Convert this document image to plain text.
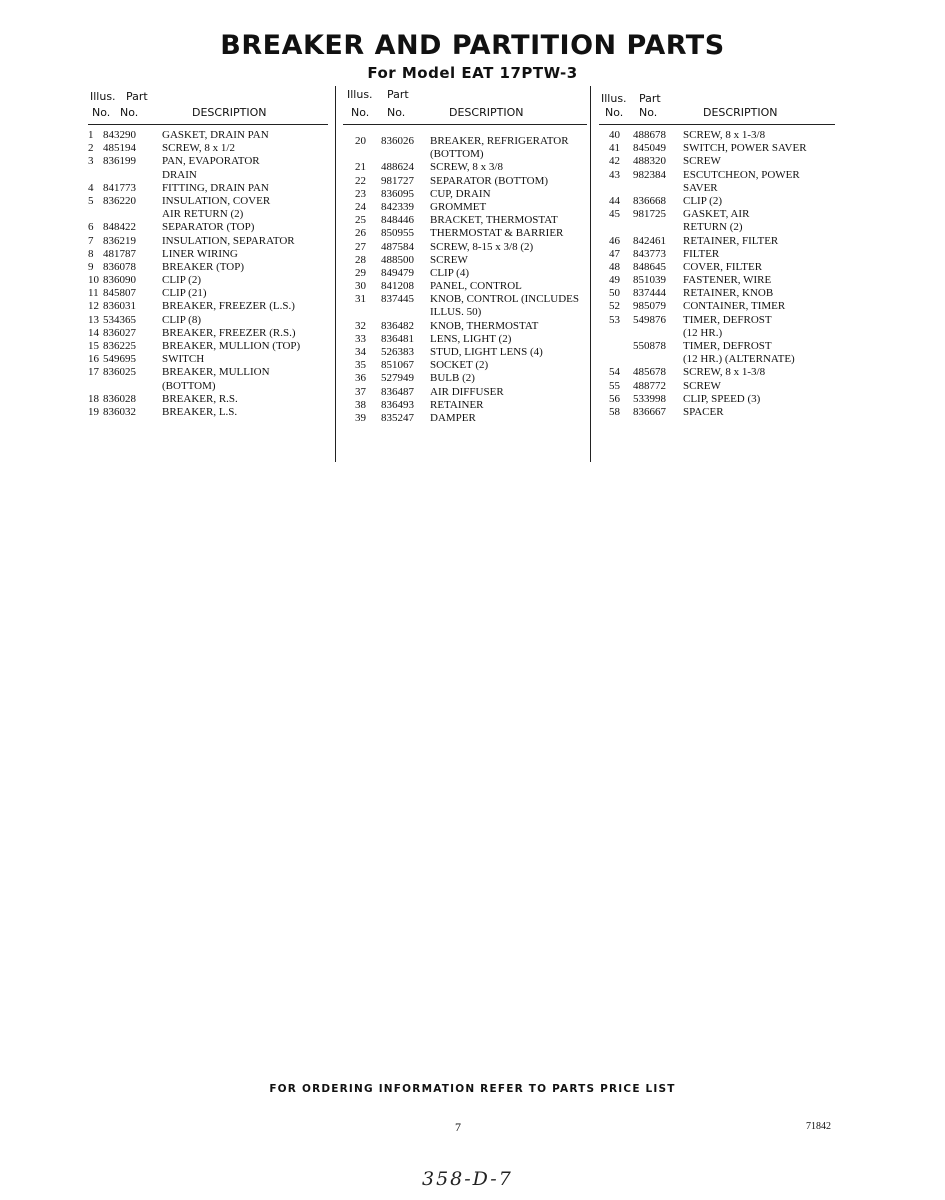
BREAKER AND PARTITION PARTS
For Model EAT 17PTW-3
Illus. Part
No. No.	DESCRIPTION
1 843290 GASKET, DRAIN PAN
2 485194 SCREW, 8 x 1/2
3 836199 PAN, EVAPORATOR
DRAIN
4 841773 FITTING, DRAIN PAN
5 836220 INSULATION, COVER
AIR RETURN (2)
6 848422 SEPARATOR (TOP)
7 836219 INSULATION, SEPARATOR
8 481787 LINER WIRING
9 836078 BREAKER (TOP)
10 836090 CLIP (2)
11 845807 CLIP (21)
12 836031 BREAKER, FREEZER (L.S.)
13 534365 CLIP (8)
14 836027 BREAKER, FREEZER (R.S.)
15 836225 BREAKER, MULLION (TOP)
16 549695 SWITCH
17 836025 BREAKER, MULLION
(BOTTOM)
18 836028 BREAKER, R.S.
19 836032 BREAKER, L.S.
Illus. Part
No. No.	DESCRIPTION
20 836026 BREAKER, REFRIGERATOR
(BOTTOM)
21 488624 SCREW, 8 x 3/8
22 981727 SEPARATOR (BOTTOM)
23 836095 CUP, DRAIN
24 842339 GROMMET
25 848446 BRACKET, THERMOSTAT
26 850955 THERMOSTAT & BARRIER
27 487584 SCREW, 8-15 x 3/8 (2)
28 488500 SCREW
29 849479 CLIP (4)
30 841208 PANEL, CONTROL
31 837445 KNOB, CONTROL (INCLUDES
ILLUS. 50)
32 836482 KNOB, THERMOSTAT
33 836481 LENS, LIGHT (2)
34 526383 STUD, LIGHT LENS (4)
35 851067 SOCKET (2)
36 527949 BULB (2)
37 836487 AIR DIFFUSER
38 836493 RETAINER
39 835247 DAMPER
Illus. Part
No. No.	DESCRIPTION
40 488678 SCREW, 8 x 1-3/8
41 845049 SWITCH, POWER SAVER
42 488320 SCREW
43 982384 ESCUTCHEON, POWER
SAVER
44 836668 CLIP (2)
45 981725 GASKET, AIR
RETURN (2)
46 842461 RETAINER, FILTER
47 843773 FILTER
48 848645 COVER, FILTER
49 851039 FASTENER, WIRE
50 837444 RETAINER, KNOB
52 985079 CONTAINER, TIMER
53 549876 TIMER, DEFROST
(12 HR.)
550878 TIMER, DEFROST
(12 HR.) (ALTERNATE)
54 485678 SCREW, 8 x 1-3/8
55 488772 SCREW
56 533998 CLIP, SPEED (3)
58 836667 SPACER
FOR ORDERING INFORMATION REFER TO PARTS PRICE LIST
7	71842
358-D-7
